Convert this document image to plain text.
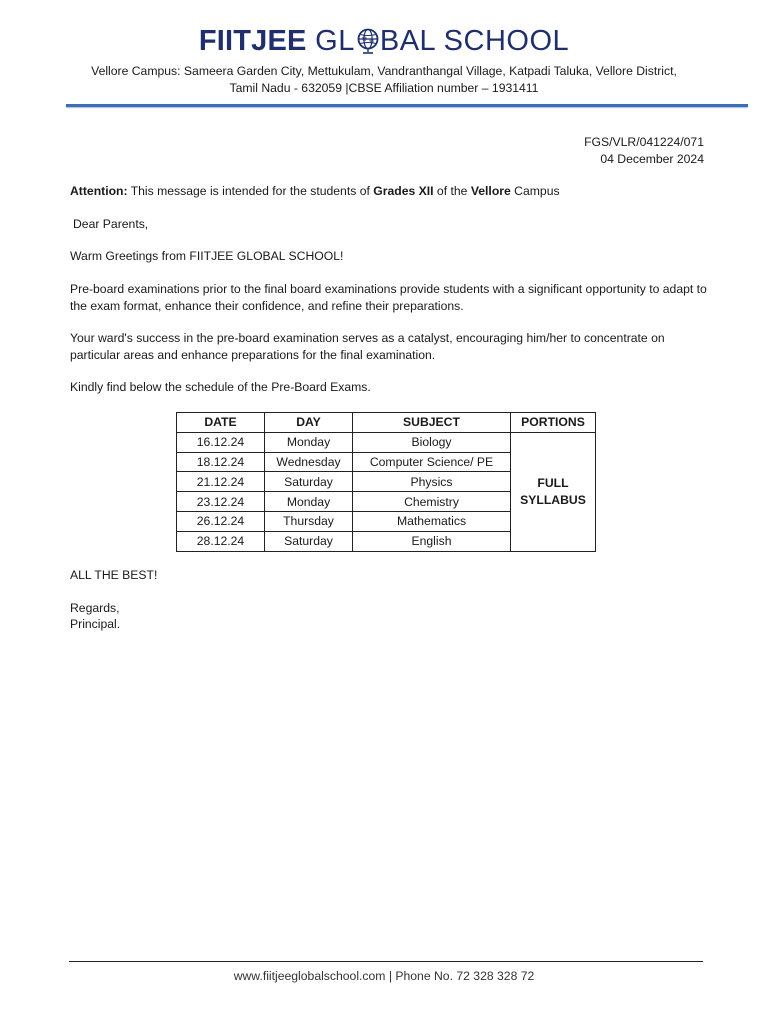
FIITJEE GL BAL SCHOOL
Vellore Campus: Sameera Garden City, Mettukulam, Vandranthangal Village, Katpadi Taluka, Vellore District,
Tamil Nadu - 632059 |CBSE Affiliation number – 1931411
FGS/VLR/041224/071
04 December 2024
Attention: This message is intended for the students of Grades XII of the Vellore Campus
Dear Parents,
Warm Greetings from FIITJEE GLOBAL SCHOOL!
Pre-board examinations prior to the final board examinations provide students with a significant opportunity to adapt to the exam format, enhance their confidence, and refine their preparations.
Your ward's success in the pre-board examination serves as a catalyst, encouraging him/her to concentrate on particular areas and enhance preparations for the final examination.
Kindly find below the schedule of the Pre-Board Exams.
DATE	DAY	SUBJECT	PORTIONS
16.12.24	Monday	Biology	FULL
SYLLABUS

18.12.24	Wednesday	Computer Science/ PE	
21.12.24	Saturday	Physics	
23.12.24	Monday	Chemistry	
26.12.24	Thursday	Mathematics	
28.12.24	Saturday	English	
ALL THE BEST!
Regards,
Principal.
www.fiitjeeglobalschool.com | Phone No. 72 328 328 72
